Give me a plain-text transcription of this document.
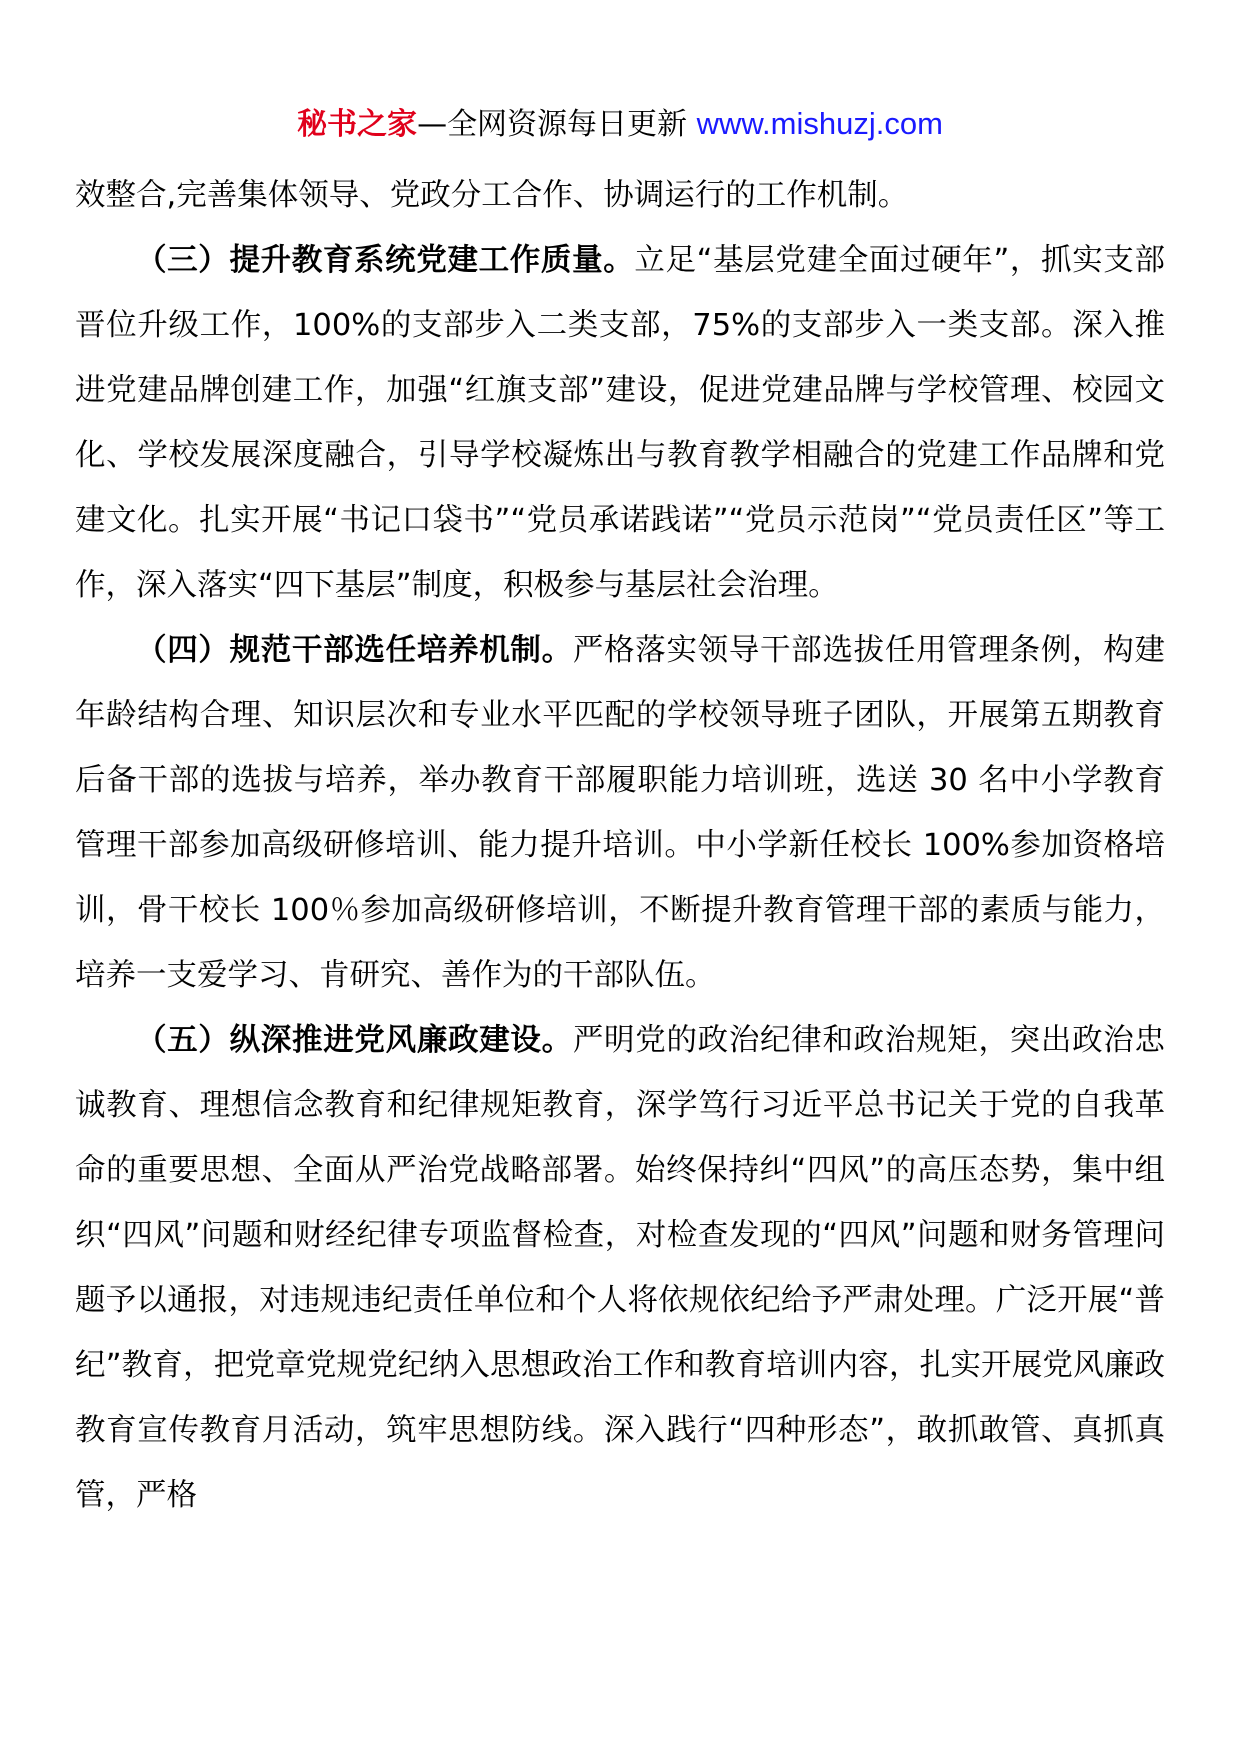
秘书之家—全网资源每日更新 www.mishuzj.com

效整合,完善集体领导、党政分工合作、协调运行的工作机制。

（三）提升教育系统党建工作质量。立足“基层党建全面过硬年”，抓实支部晋位升级工作，100%的支部步入二类支部，75%的支部步入一类支部。深入推进党建品牌创建工作，加强“红旗支部”建设，促进党建品牌与学校管理、校园文化、学校发展深度融合，引导学校凝炼出与教育教学相融合的党建工作品牌和党建文化。扎实开展“书记口袋书”“党员承诺践诺”“党员示范岗”“党员责任区”等工作，深入落实“四下基层”制度，积极参与基层社会治理。

（四）规范干部选任培养机制。严格落实领导干部选拔任用管理条例，构建年龄结构合理、知识层次和专业水平匹配的学校领导班子团队，开展第五期教育后备干部的选拔与培养，举办教育干部履职能力培训班，选送 30 名中小学教育管理干部参加高级研修培训、能力提升培训。中小学新任校长 100%参加资格培训，骨干校长 100％参加高级研修培训，不断提升教育管理干部的素质与能力，培养一支爱学习、肯研究、善作为的干部队伍。

（五）纵深推进党风廉政建设。严明党的政治纪律和政治规矩，突出政治忠诚教育、理想信念教育和纪律规矩教育，深学笃行习近平总书记关于党的自我革命的重要思想、全面从严治党战略部署。始终保持纠“四风”的高压态势，集中组织“四风”问题和财经纪律专项监督检查，对检查发现的“四风”问题和财务管理问题予以通报，对违规违纪责任单位和个人将依规依纪给予严肃处理。广泛开展“普纪”教育，把党章党规党纪纳入思想政治工作和教育培训内容，扎实开展党风廉政教育宣传教育月活动，筑牢思想防线。深入践行“四种形态”，敢抓敢管、真抓真管，严格
